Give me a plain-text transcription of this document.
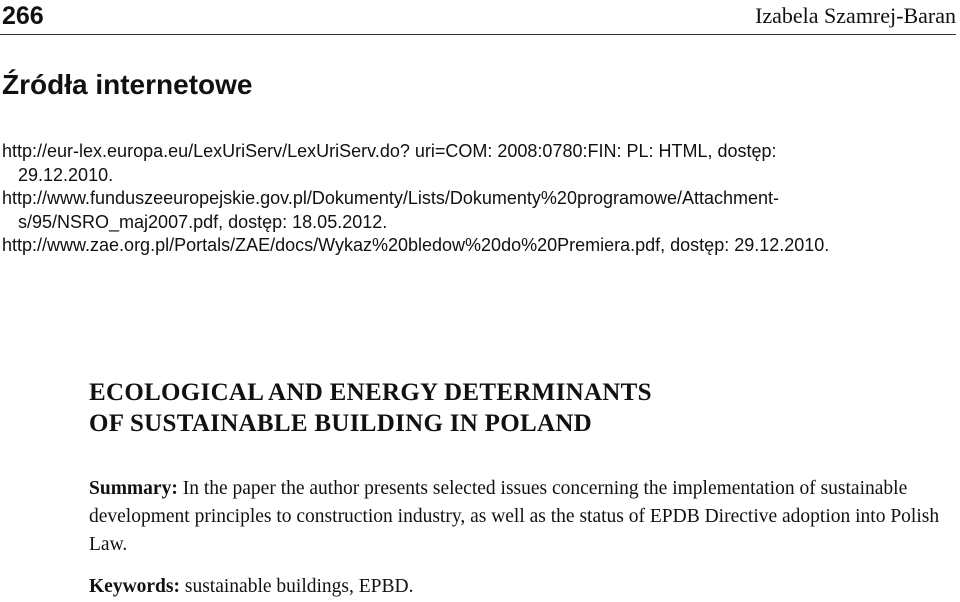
266	Izabela Szamrej-Baran
Źródła internetowe
http://eur-lex.europa.eu/LexUriServ/LexUriServ.do? uri=COM: 2008:0780:FIN: PL: HTML, dostęp:
29.12.2010.
http://www.funduszeeuropejskie.gov.pl/Dokumenty/Lists/Dokumenty%20programowe/Attachment-
s/95/NSRO_maj2007.pdf, dostęp: 18.05.2012.
http://www.zae.org.pl/Portals/ZAE/docs/Wykaz%20bledow%20do%20Premiera.pdf, dostęp: 29.12.2010.
ECOLOGICAL AND ENERGY DETERMINANTS
OF SUSTAINABLE BUILDING IN POLAND

Summary: In the paper the author presents selected issues concerning the implementation of sustainable development principles to construction industry, as well as the status of EPDB Directive adoption into Polish Law.

Keywords: sustainable buildings, EPBD.
